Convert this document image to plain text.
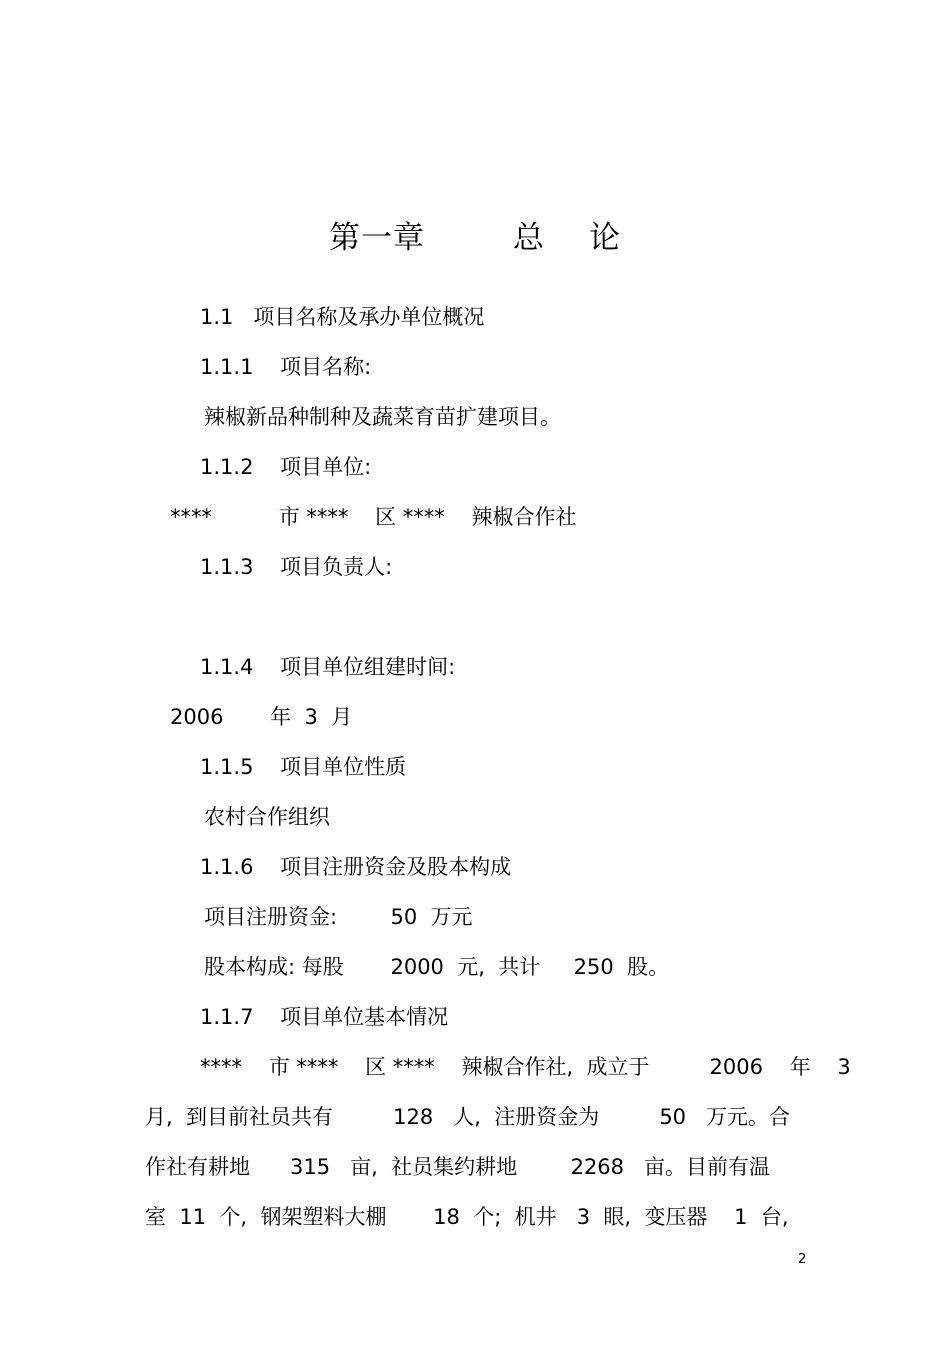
第一章	总 论
1.1   项目名称及承办单位概况
1.1.1    项目名称:
辣椒新品种制种及蔬菜育苗扩建项目。
1.1.2    项目单位:
****          市 ****    区 ****    辣椒合作社
1.1.3    项目负责人:
1.1.4    项目单位组建时间:
2006       年  3  月
1.1.5    项目单位性质
农村合作组织
1.1.6    项目注册资金及股本构成
项目注册资金:        50  万元
股本构成: 每股       2000  元,  共计     250  股。
1.1.7    项目单位基本情况
****    市 ****    区 ****    辣椒合作社,  成立于         2006    年    3
月,  到目前社员共有         128   人,  注册资金为         50   万元。合
作社有耕地      315   亩,  社员集约耕地        2268   亩。目前有温
室  11  个,  钢架塑料大棚       18  个;  机井   3  眼,  变压器    1  台,
2
